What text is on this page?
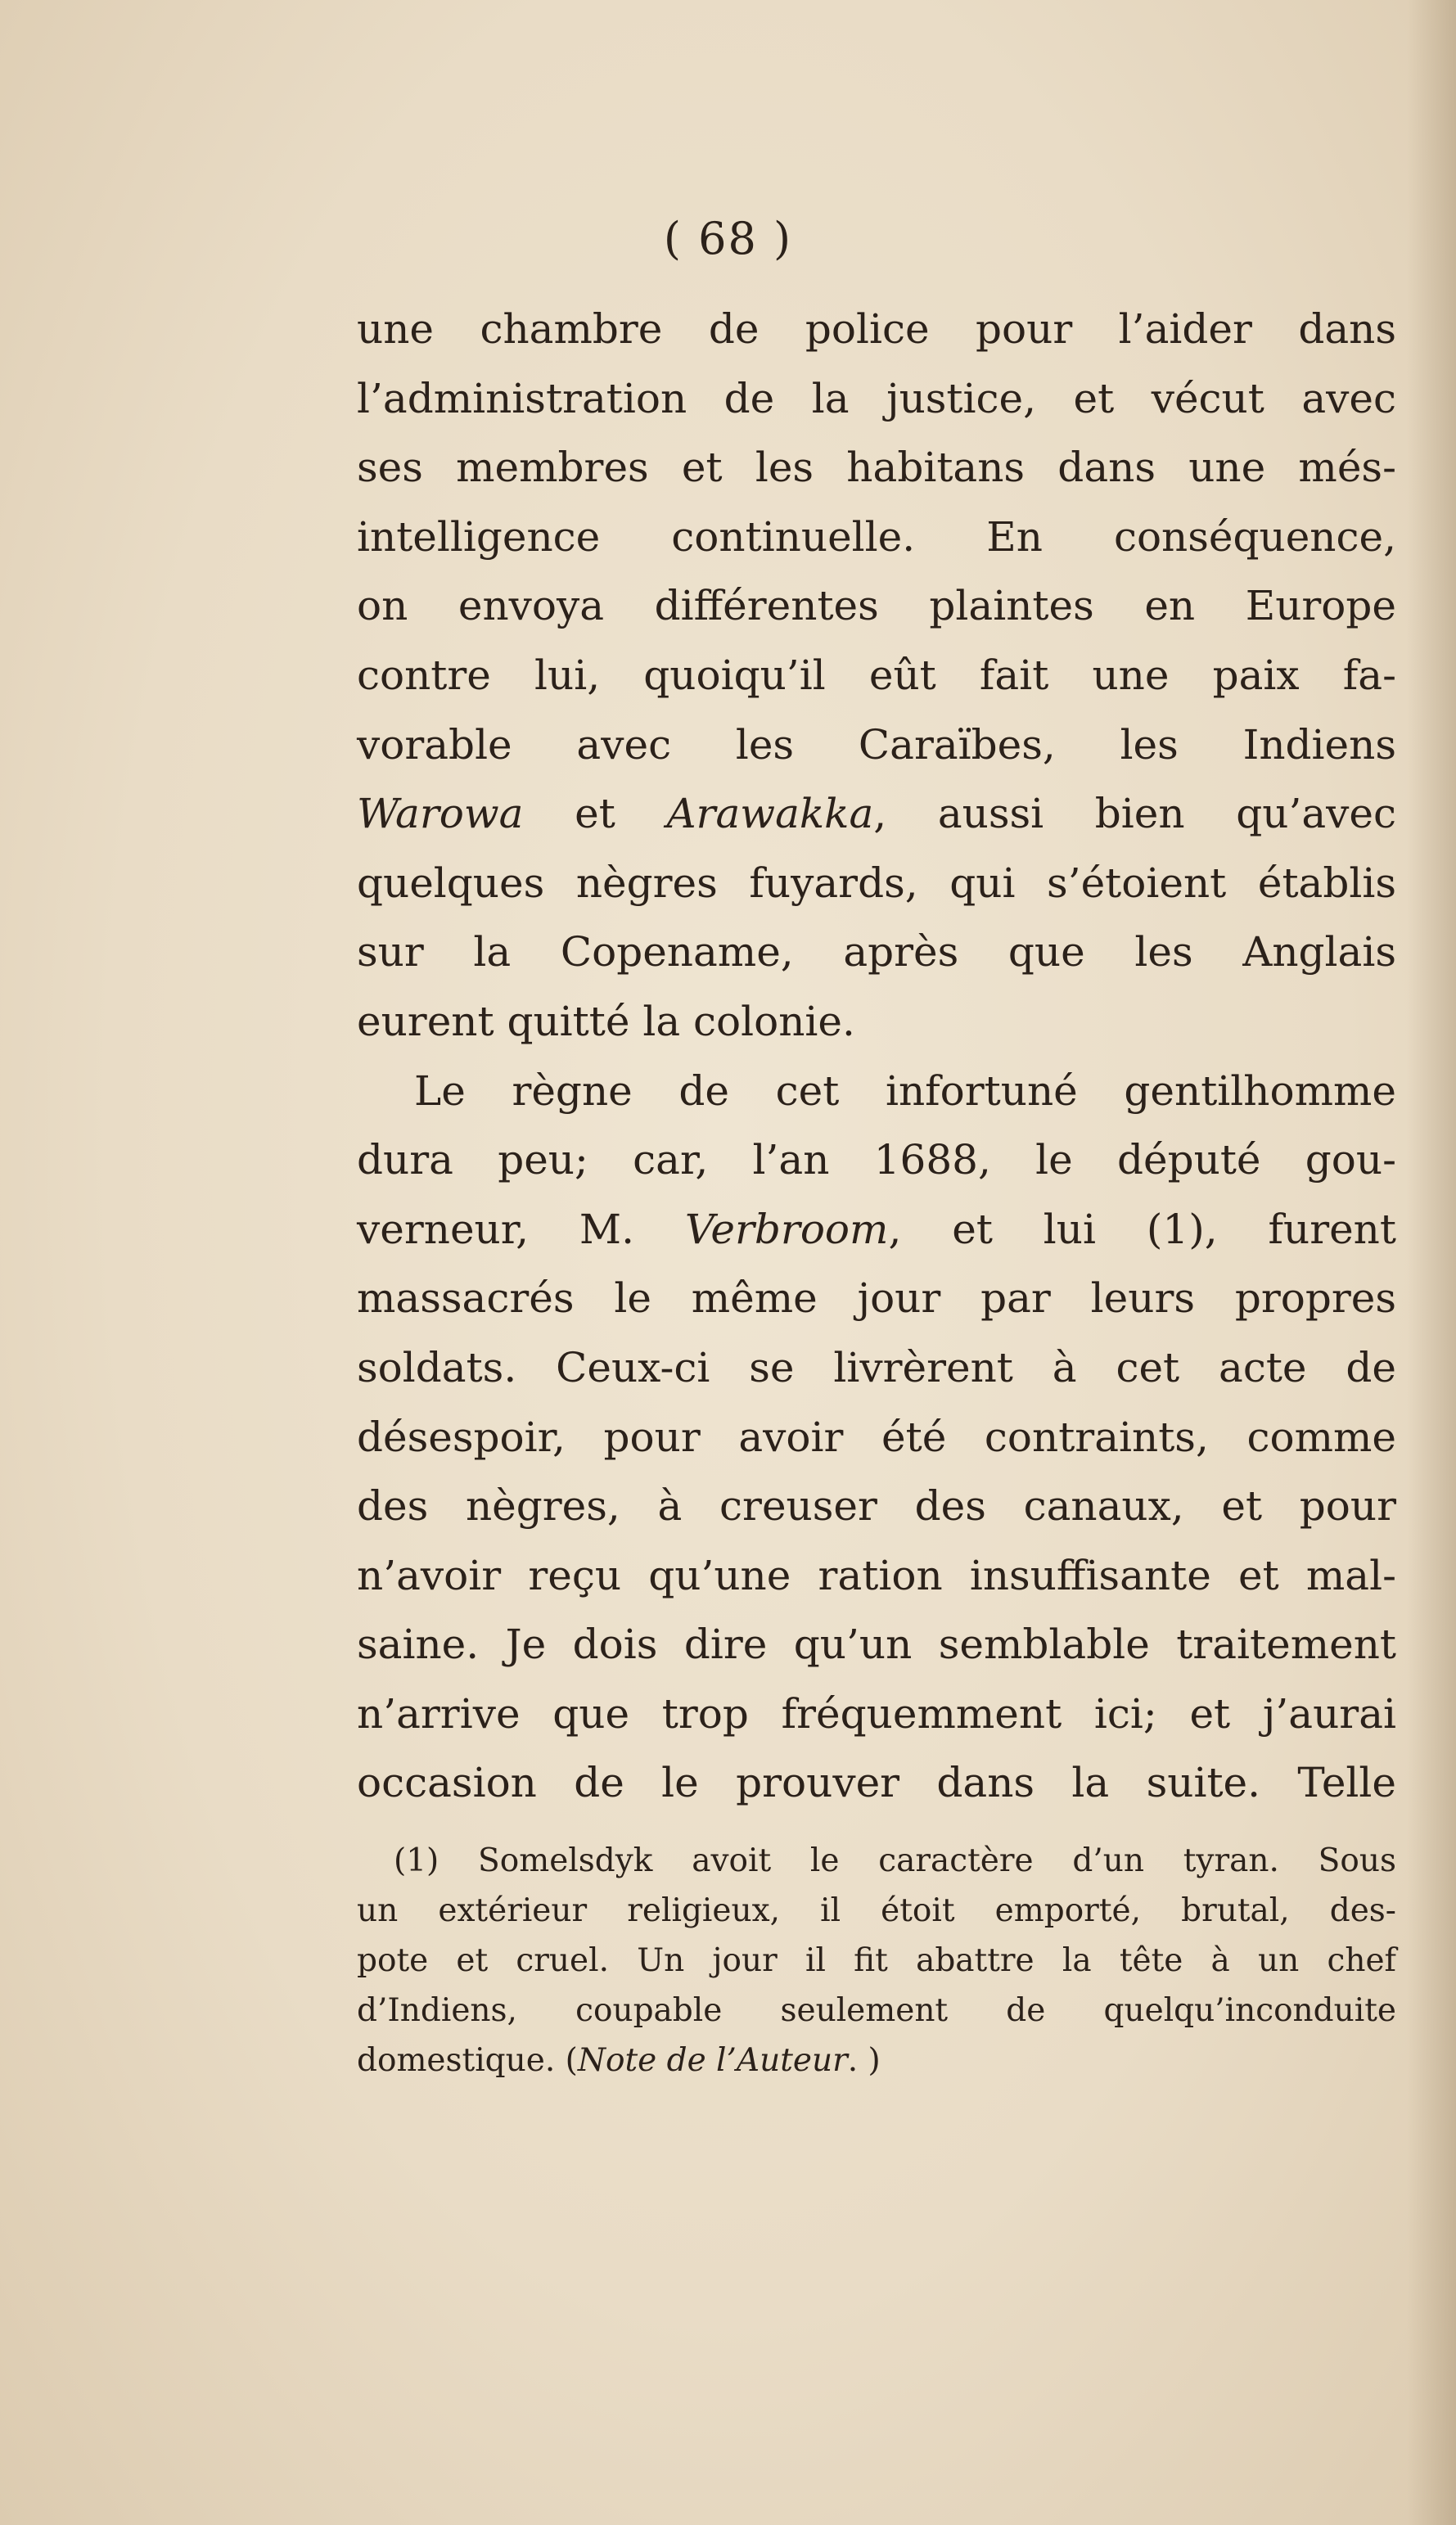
( 68 )
une chambre de police pour l’aider dans
l’administration de la justice, et vécut avec
ses membres et les habitans dans une més-
intelligence continuelle. En conséquence,
on envoya différentes plaintes en Europe
contre lui, quoiqu’il eût fait une paix fa-
vorable avec les Caraïbes, les Indiens
Warowa et Arawakka, aussi bien qu’avec
quelques nègres fuyards, qui s’étoient établis
sur la Copename, après que les Anglais
eurent quitté la colonie.
Le règne de cet infortuné gentilhomme
dura peu; car, l’an 1688, le député gou-
verneur, M. Verbroom, et lui (1), furent
massacrés le même jour par leurs propres
soldats. Ceux-ci se livrèrent à cet acte de
désespoir, pour avoir été contraints, comme
des nègres, à creuser des canaux, et pour
n’avoir reçu qu’une ration insuffisante et mal-
saine. Je dois dire qu’un semblable traitement
n’arrive que trop fréquemment ici; et j’aurai
occasion de le prouver dans la suite. Telle
(1) Somelsdyk avoit le caractère d’un tyran. Sous
un extérieur religieux, il étoit emporté, brutal, des-
pote et cruel. Un jour il fit abattre la tête à un chef
d’Indiens, coupable seulement de quelqu’inconduite
domestique. (Note de l’Auteur. )
